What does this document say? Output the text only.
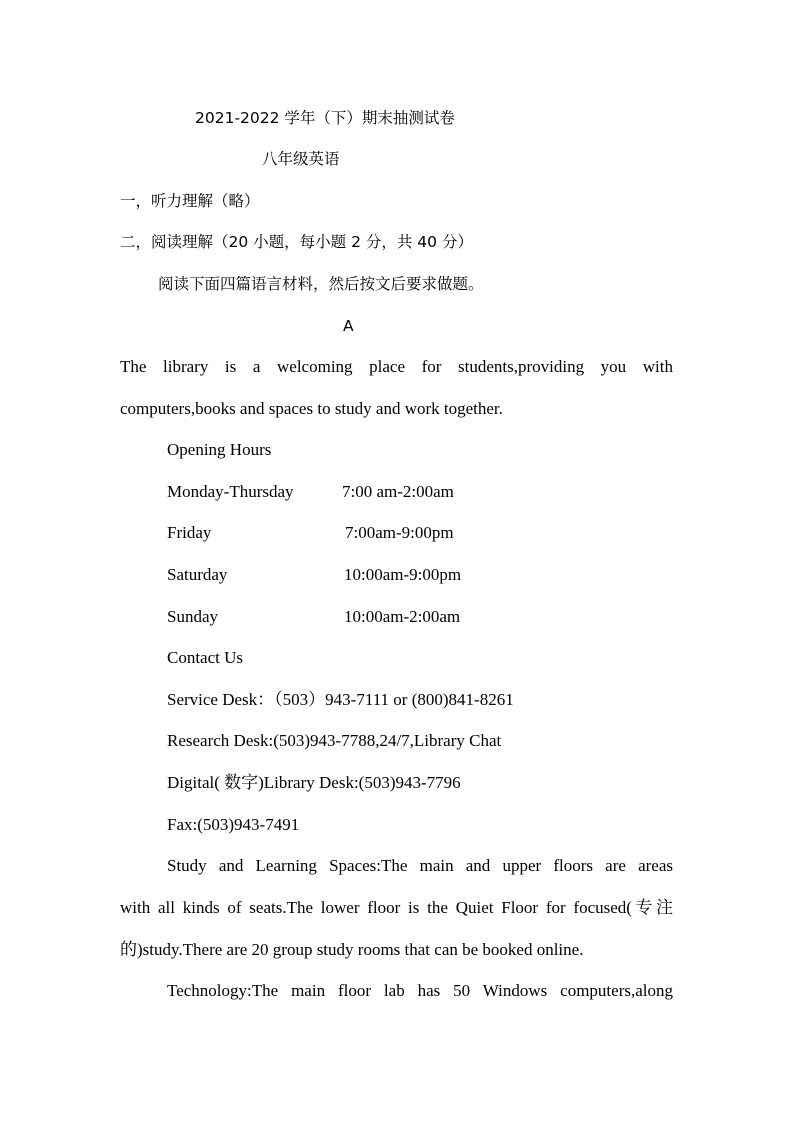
2021-2022 学年（下）期末抽测试卷
八年级英语
一，听力理解（略）
二，阅读理解（20 小题，每小题 2 分，共 40 分）
阅读下面四篇语言材料，然后按文后要求做题。
A
The library is a welcoming place for students,providing you with
computers,books and spaces to study and work together.
Opening Hours
Monday-Thursday	7:00 am-2:00am
Friday	7:00am-9:00pm
Saturday	10:00am-9:00pm
Sunday	10:00am-2:00am
Contact Us
Service Desk：（503）943-7111 or (800)841-8261
Research Desk:(503)943-7788,24/7,Library Chat
Digital( 数字)Library Desk:(503)943-7796
Fax:(503)943-7491
Study and Learning Spaces:The main and upper floors are areas
with all kinds of seats.The lower floor is the Quiet Floor for focused(专注
的)study.There are 20 group study rooms that can be booked online.
Technology:The main floor lab has 50 Windows computers,along
